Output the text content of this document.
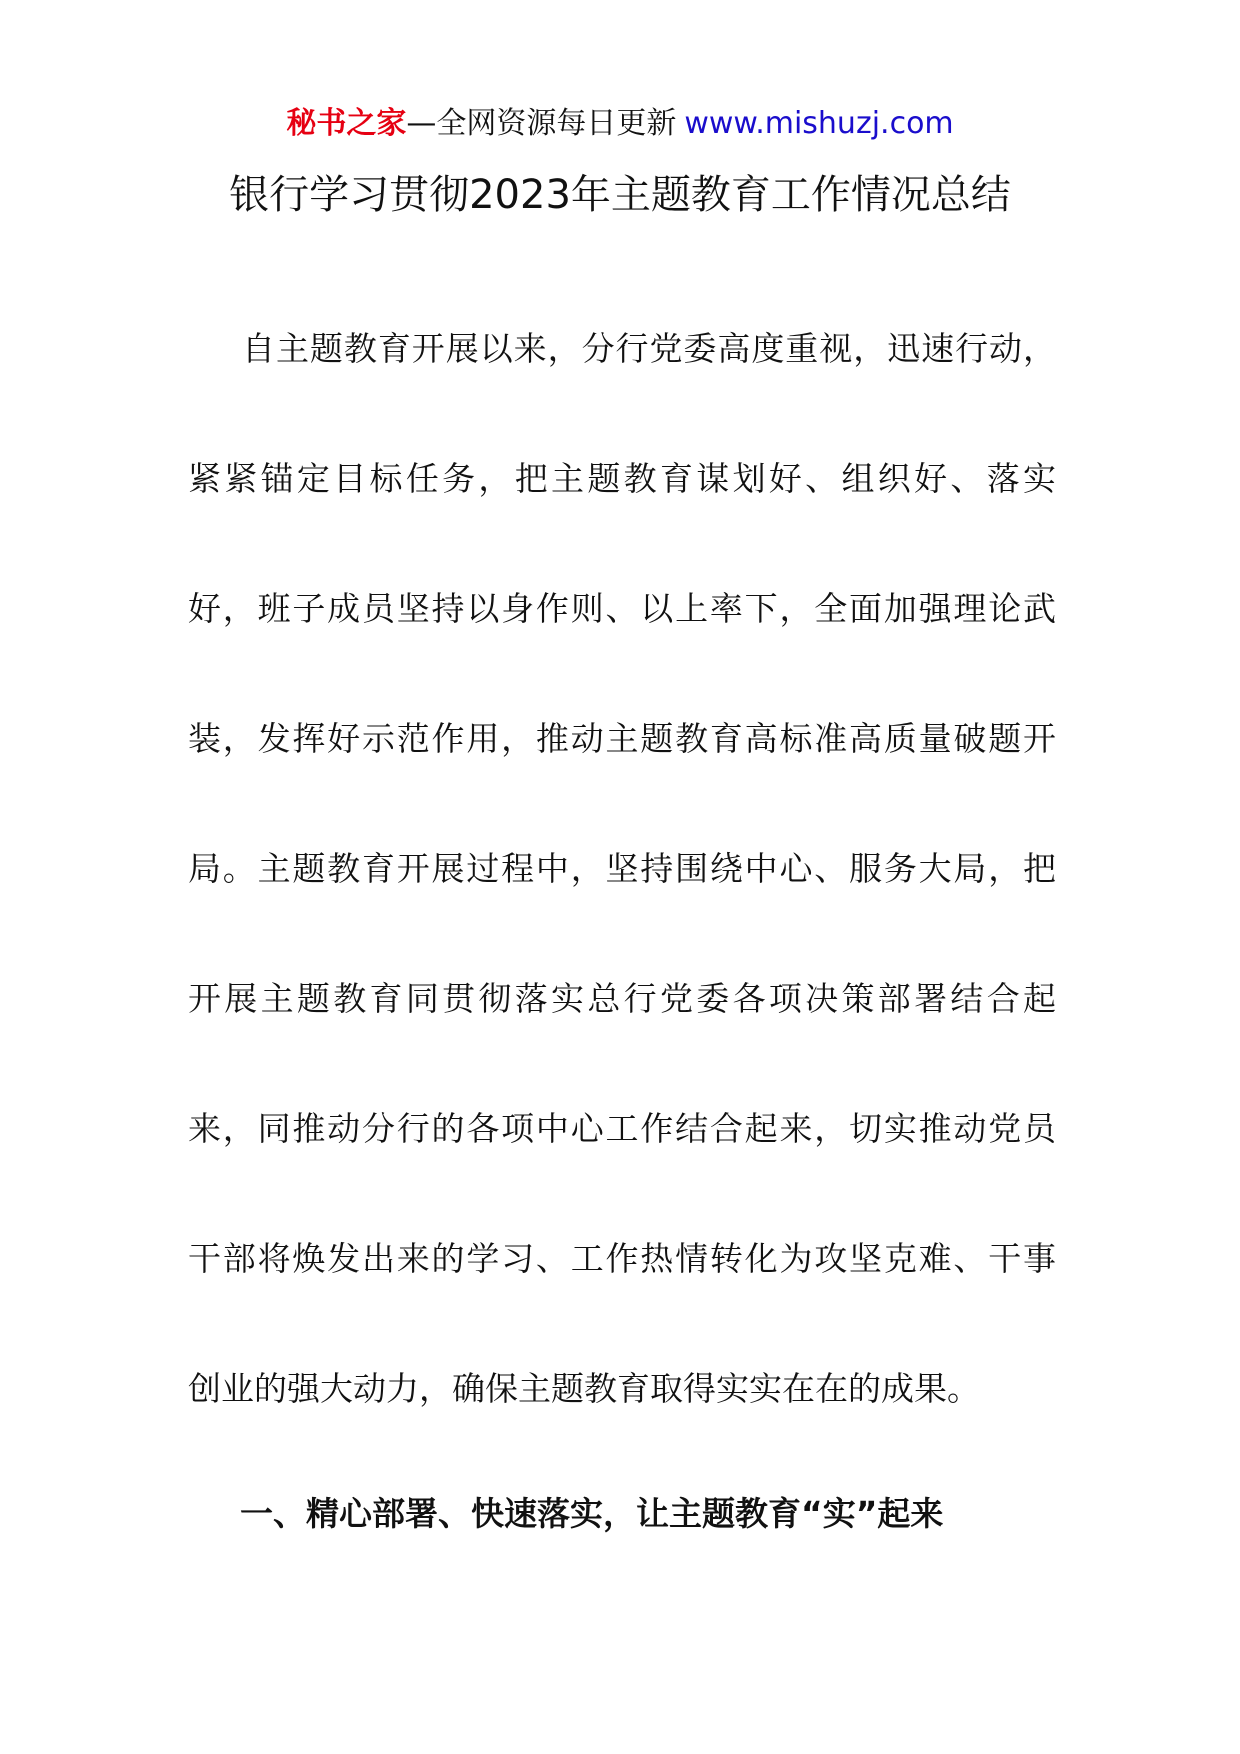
秘书之家—全网资源每日更新 www.mishuzj.com
银行学习贯彻2023年主题教育工作情况总结
自主题教育开展以来，分行党委高度重视，迅速行动，
紧紧锚定目标任务，把主题教育谋划好、组织好、落实
好，班子成员坚持以身作则、以上率下，全面加强理论武
装，发挥好示范作用，推动主题教育高标准高质量破题开
局。主题教育开展过程中，坚持围绕中心、服务大局，把
开展主题教育同贯彻落实总行党委各项决策部署结合起
来，同推动分行的各项中心工作结合起来，切实推动党员
干部将焕发出来的学习、工作热情转化为攻坚克难、干事
创业的强大动力，确保主题教育取得实实在在的成果。
一、精心部署、快速落实，让主题教育“实”起来
